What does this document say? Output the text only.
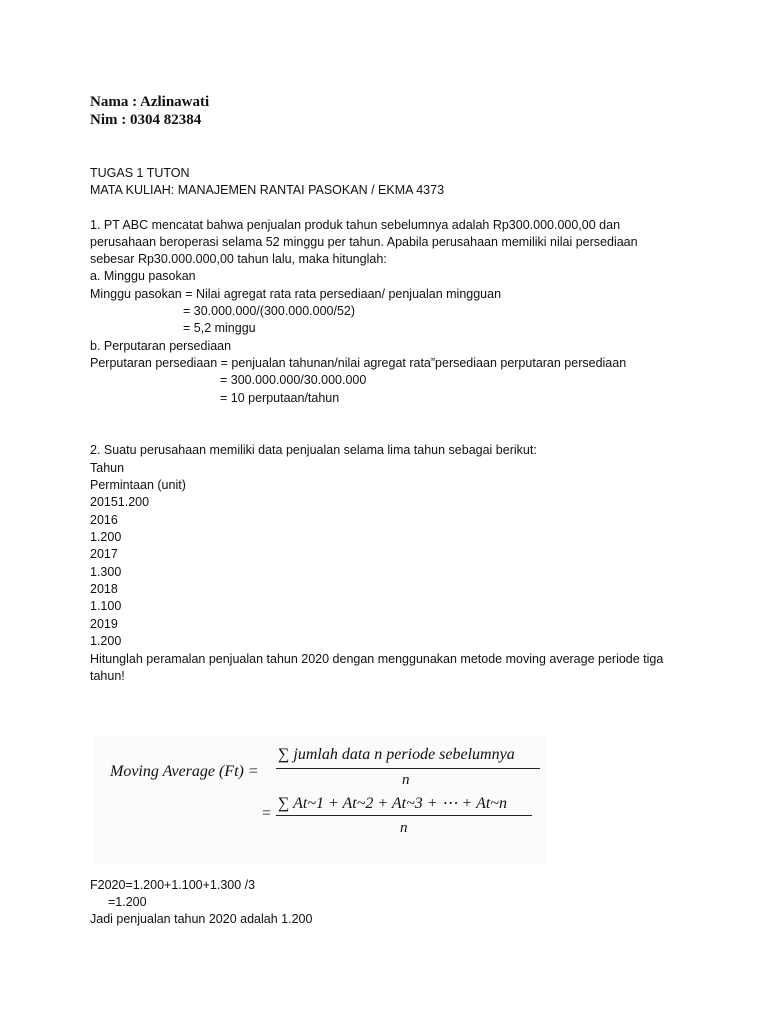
Nama : Azlinawati
Nim : 0304 82384
TUGAS 1 TUTON
MATA KULIAH: MANAJEMEN RANTAI PASOKAN / EKMA 4373
1. PT ABC mencatat bahwa penjualan produk tahun sebelumnya adalah Rp300.000.000,00 dan
perusahaan beroperasi selama 52 minggu per tahun. Apabila perusahaan memiliki nilai persediaan
sebesar Rp30.000.000,00 tahun lalu, maka hitunglah:
a. Minggu pasokan
Minggu pasokan = Nilai agregat rata rata persediaan/ penjualan mingguan
= 30.000.000/(300.000.000/52)
= 5,2 minggu
b. Perputaran persediaan
Perputaran persediaan = penjualan tahunan/nilai agregat rata”persediaan perputaran persediaan
= 300.000.000/30.000.000
= 10 perputaan/tahun
2. Suatu perusahaan memiliki data penjualan selama lima tahun sebagai berikut:
Tahun
Permintaan (unit)
20151.200
2016
1.200
2017
1.300
2018
1.100
2019
1.200
Hitunglah peramalan penjualan tahun 2020 dengan menggunakan metode moving average periode tiga
tahun!
Moving Average (Ft) =
∑ jumlah data n periode sebelumnya
n
=
∑ At~1 + At~2 + At~3 + ⋯ + At~n
n
F2020=1.200+1.100+1.300 /3
=1.200
Jadi penjualan tahun 2020 adalah 1.200
